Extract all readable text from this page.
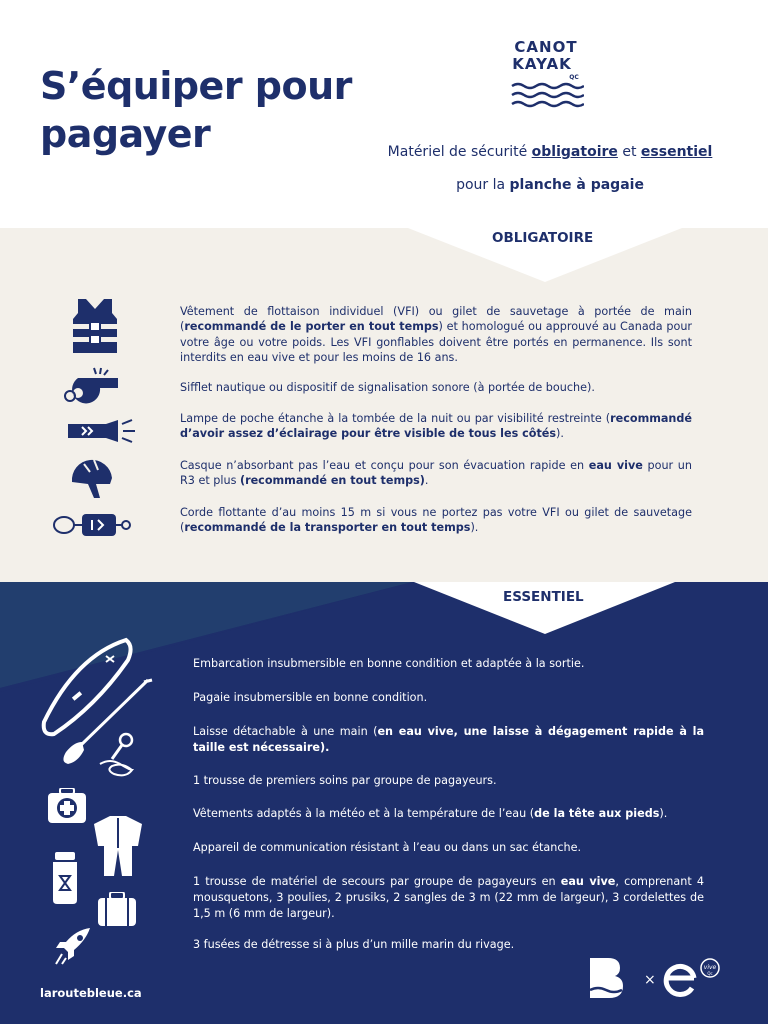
S’équiper pour
pagayer
CANOT
KAYAK
QC
Matériel de sécurité obligatoire et essentiel
pour la planche à pagaie
OBLIGATOIRE
Vêtement de flottaison individuel (VFI) ou gilet de sauvetage à portée de main (recommandé de le porter en tout temps) et homologué ou approuvé au Canada pour votre âge ou votre poids. Les VFI gonflables doivent être portés en permanence. Ils sont interdits en eau vive et pour les moins de 16 ans.
Sifflet nautique ou dispositif de signalisation sonore (à portée de bouche).
Lampe de poche étanche à la tombée de la nuit ou par visibilité restreinte (recommandé d’avoir assez d’éclairage pour être visible de tous les côtés).
Casque n’absorbant pas l’eau et conçu pour son évacuation rapide en eau vive pour un R3 et plus (recommandé en tout temps).
Corde flottante d’au moins 15 m si vous ne portez pas votre VFI ou gilet de sauvetage (recommandé de la transporter en tout temps).
ESSENTIEL
Embarcation insubmersible en bonne condition et adaptée à la sortie.
Pagaie insubmersible en bonne condition.
Laisse détachable à une main (en eau vive, une laisse à dégagement rapide à la taille est nécessaire).
1 trousse de premiers soins par groupe de pagayeurs.
Vêtements adaptés à la météo et à la température de l’eau (de la tête aux pieds).
Appareil de communication résistant à l’eau ou dans un sac étanche.
1 trousse de matériel de secours par groupe de pagayeurs en eau vive, comprenant 4 mousquetons, 3 poulies, 2 prusiks, 2 sangles de 3 m (22 mm de largeur), 3 cordelettes de 1,5 m (6 mm de largeur).
3 fusées de détresse si à plus d’un mille marin du rivage.
laroutebleue.ca
×
vive
Qc
